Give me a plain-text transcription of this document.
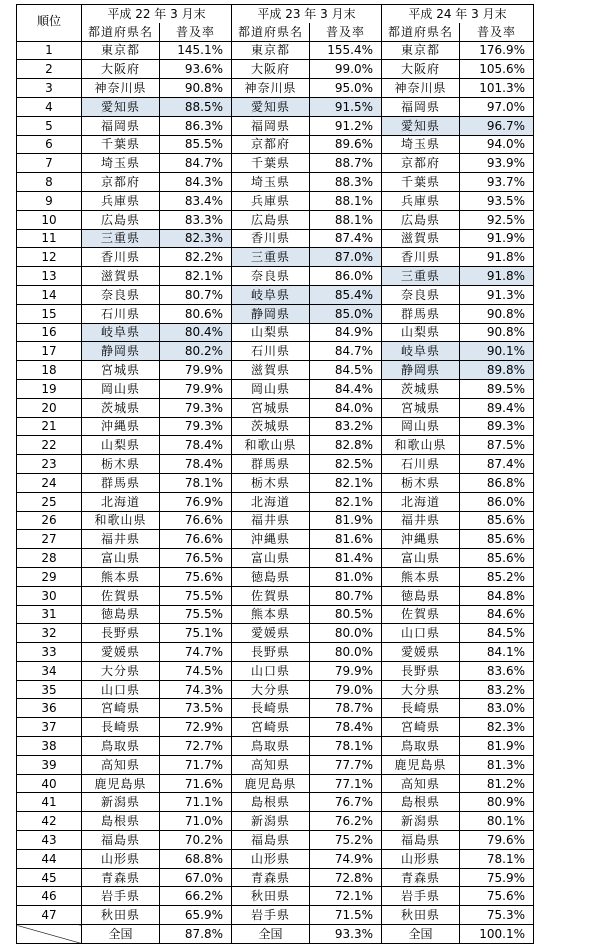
	平成 22 年 3 月末		平成 23 年 3 月末		平成 24 年 3 月末	
順位	都道府県名	普及率	都道府県名	普及率	都道府県名	普及率
1	東京都	145.1%	東京都	155.4%	東京都	176.9%
2	大阪府	93.6%	大阪府	99.0%	大阪府	105.6%
3	神奈川県	90.8%	神奈川県	95.0%	神奈川県	101.3%
4	愛知県	88.5%	愛知県	91.5%	福岡県	97.0%
5	福岡県	86.3%	福岡県	91.2%	愛知県	96.7%
6	千葉県	85.5%	京都府	89.6%	埼玉県	94.0%
7	埼玉県	84.7%	千葉県	88.7%	京都府	93.9%
8	京都府	84.3%	埼玉県	88.3%	千葉県	93.7%
9	兵庫県	83.4%	兵庫県	88.1%	兵庫県	93.5%
10	広島県	83.3%	広島県	88.1%	広島県	92.5%
11	三重県	82.3%	香川県	87.4%	滋賀県	91.9%
12	香川県	82.2%	三重県	87.0%	香川県	91.8%
13	滋賀県	82.1%	奈良県	86.0%	三重県	91.8%
14	奈良県	80.7%	岐阜県	85.4%	奈良県	91.3%
15	石川県	80.6%	静岡県	85.0%	群馬県	90.8%
16	岐阜県	80.4%	山梨県	84.9%	山梨県	90.8%
17	静岡県	80.2%	石川県	84.7%	岐阜県	90.1%
18	宮城県	79.9%	滋賀県	84.5%	静岡県	89.8%
19	岡山県	79.9%	岡山県	84.4%	茨城県	89.5%
20	茨城県	79.3%	宮城県	84.0%	宮城県	89.4%
21	沖縄県	79.3%	茨城県	83.2%	岡山県	89.3%
22	山梨県	78.4%	和歌山県	82.8%	和歌山県	87.5%
23	栃木県	78.4%	群馬県	82.5%	石川県	87.4%
24	群馬県	78.1%	栃木県	82.1%	栃木県	86.8%
25	北海道	76.9%	北海道	82.1%	北海道	86.0%
26	和歌山県	76.6%	福井県	81.9%	福井県	85.6%
27	福井県	76.6%	沖縄県	81.6%	沖縄県	85.6%
28	富山県	76.5%	富山県	81.4%	富山県	85.6%
29	熊本県	75.6%	徳島県	81.0%	熊本県	85.2%
30	佐賀県	75.5%	佐賀県	80.7%	徳島県	84.8%
31	徳島県	75.5%	熊本県	80.5%	佐賀県	84.6%
32	長野県	75.1%	愛媛県	80.0%	山口県	84.5%
33	愛媛県	74.7%	長野県	80.0%	愛媛県	84.1%
34	大分県	74.5%	山口県	79.9%	長野県	83.6%
35	山口県	74.3%	大分県	79.0%	大分県	83.2%
36	宮崎県	73.5%	長崎県	78.7%	長崎県	83.0%
37	長崎県	72.9%	宮崎県	78.4%	宮崎県	82.3%
38	鳥取県	72.7%	鳥取県	78.1%	鳥取県	81.9%
39	高知県	71.7%	高知県	77.7%	鹿児島県	81.3%
40	鹿児島県	71.6%	鹿児島県	77.1%	高知県	81.2%
41	新潟県	71.1%	島根県	76.7%	島根県	80.9%
42	島根県	71.0%	新潟県	76.2%	新潟県	80.1%
43	福島県	70.2%	福島県	75.2%	福島県	79.6%
44	山形県	68.8%	山形県	74.9%	山形県	78.1%
45	青森県	67.0%	青森県	72.8%	青森県	75.9%
46	岩手県	66.2%	秋田県	72.1%	岩手県	75.6%
47	秋田県	65.9%	岩手県	71.5%	秋田県	75.3%
	全国	87.8%	全国	93.3%	全国	100.1%
